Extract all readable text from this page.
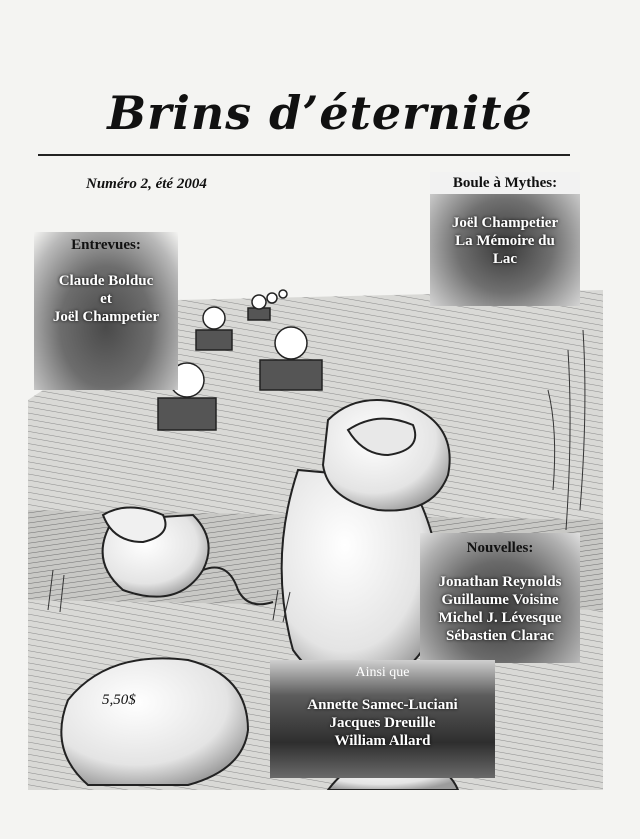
Brins d’éternité
Numéro 2, été 2004
Entrevues:
Claude Bolduc
et
Joël Champetier
Boule à Mythes:
Joël Champetier
La Mémoire du
Lac
Nouvelles:
Jonathan Reynolds
Guillaume Voisine
Michel J. Lévesque
Sébastien Clarac
Ainsi que
Annette Samec-Luciani
Jacques Dreuille
William Allard
5,50$
